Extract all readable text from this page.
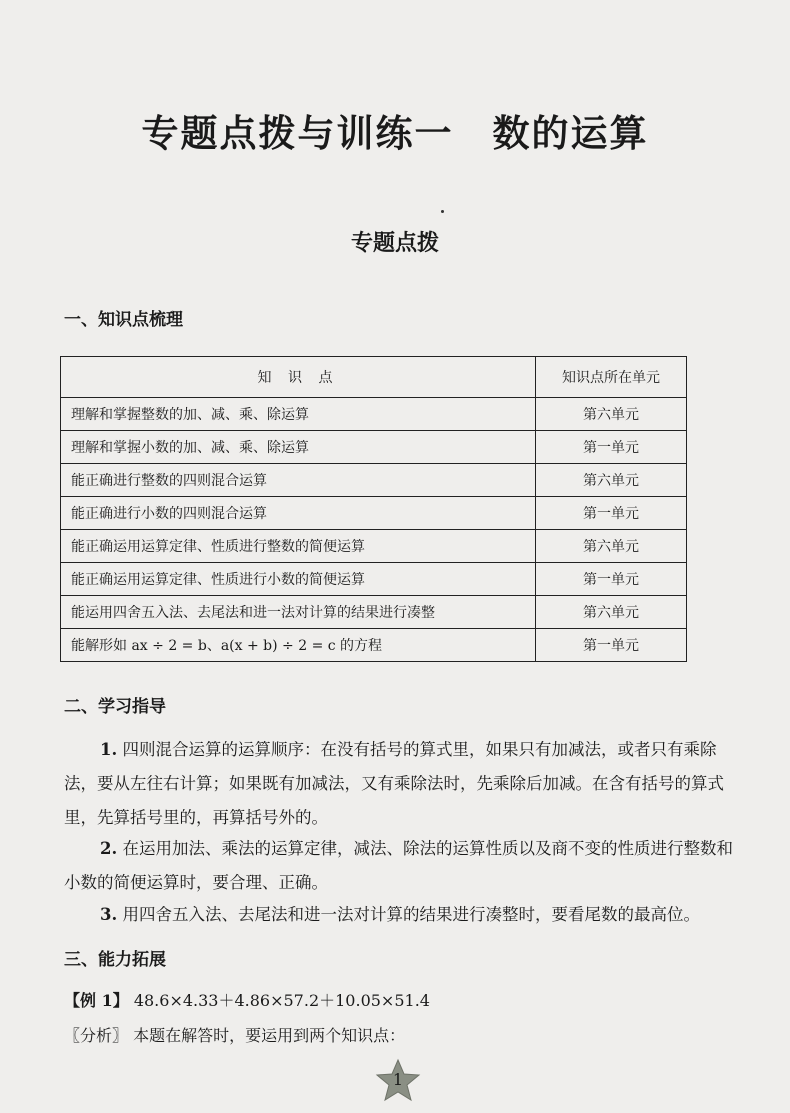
专题点拨与训练一　数的运算
专题点拨
一、知识点梳理
知 识 点	知识点所在单元
理解和掌握整数的加、减、乘、除运算	第六单元
理解和掌握小数的加、减、乘、除运算	第一单元
能正确进行整数的四则混合运算	第六单元
能正确进行小数的四则混合运算	第一单元
能正确运用运算定律、性质进行整数的简便运算	第六单元
能正确运用运算定律、性质进行小数的简便运算	第一单元
能运用四舍五入法、去尾法和进一法对计算的结果进行凑整	第六单元
能解形如 ax ÷ 2 = b、a(x + b) ÷ 2 = c 的方程	第一单元
二、学习指导
1. 四则混合运算的运算顺序：在没有括号的算式里，如果只有加减法，或者只有乘除法，要从左往右计算；如果既有加减法，又有乘除法时，先乘除后加减。在含有括号的算式里，先算括号里的，再算括号外的。
2. 在运用加法、乘法的运算定律，减法、除法的运算性质以及商不变的性质进行整数和小数的简便运算时，要合理、正确。
3. 用四舍五入法、去尾法和进一法对计算的结果进行凑整时，要看尾数的最高位。
三、能力拓展
【例 1】 48.6×4.33＋4.86×57.2＋10.05×51.4
〖分析〗 本题在解答时，要运用到两个知识点：
1
